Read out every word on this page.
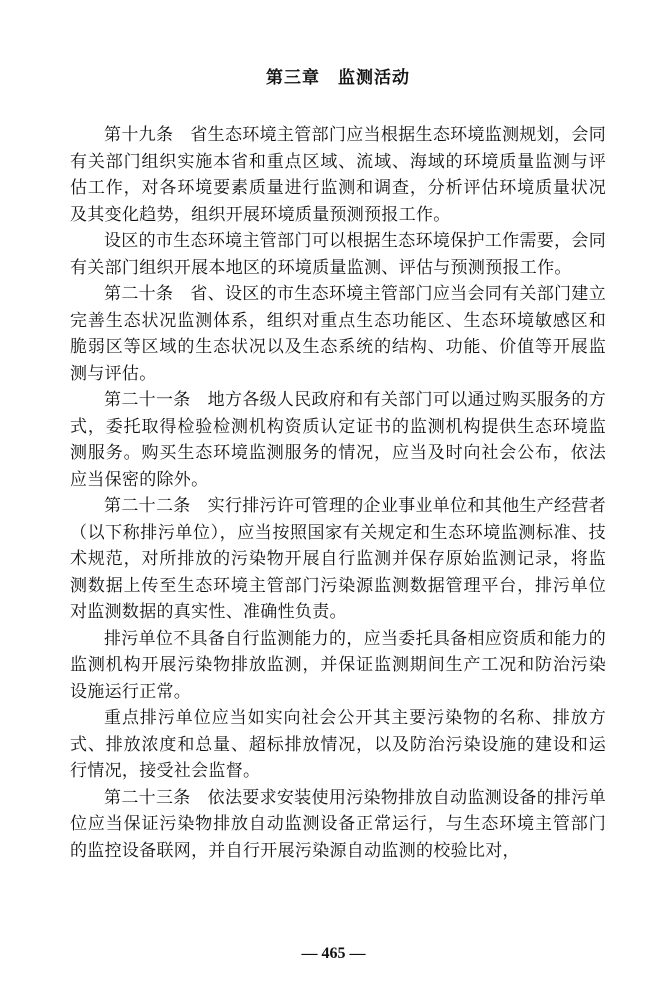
第三章　监测活动

第十九条 省生态环境主管部门应当根据生态环境监测规划，会同有关部门组织实施本省和重点区域、流域、海域的环境质量监测与评估工作，对各环境要素质量进行监测和调查，分析评估环境质量状况及其变化趋势，组织开展环境质量预测预报工作。

设区的市生态环境主管部门可以根据生态环境保护工作需要，会同有关部门组织开展本地区的环境质量监测、评估与预测预报工作。

第二十条 省、设区的市生态环境主管部门应当会同有关部门建立完善生态状况监测体系，组织对重点生态功能区、生态环境敏感区和脆弱区等区域的生态状况以及生态系统的结构、功能、价值等开展监测与评估。

第二十一条 地方各级人民政府和有关部门可以通过购买服务的方式，委托取得检验检测机构资质认定证书的监测机构提供生态环境监测服务。购买生态环境监测服务的情况，应当及时向社会公布，依法应当保密的除外。

第二十二条 实行排污许可管理的企业事业单位和其他生产经营者（以下称排污单位），应当按照国家有关规定和生态环境监测标准、技术规范，对所排放的污染物开展自行监测并保存原始监测记录，将监测数据上传至生态环境主管部门污染源监测数据管理平台，排污单位对监测数据的真实性、准确性负责。

排污单位不具备自行监测能力的，应当委托具备相应资质和能力的监测机构开展污染物排放监测，并保证监测期间生产工况和防治污染设施运行正常。

重点排污单位应当如实向社会公开其主要污染物的名称、排放方式、排放浓度和总量、超标排放情况，以及防治污染设施的建设和运行情况，接受社会监督。

第二十三条 依法要求安装使用污染物排放自动监测设备的排污单位应当保证污染物排放自动监测设备正常运行，与生态环境主管部门的监控设备联网，并自行开展污染源自动监测的校验比对，

— 465 —
